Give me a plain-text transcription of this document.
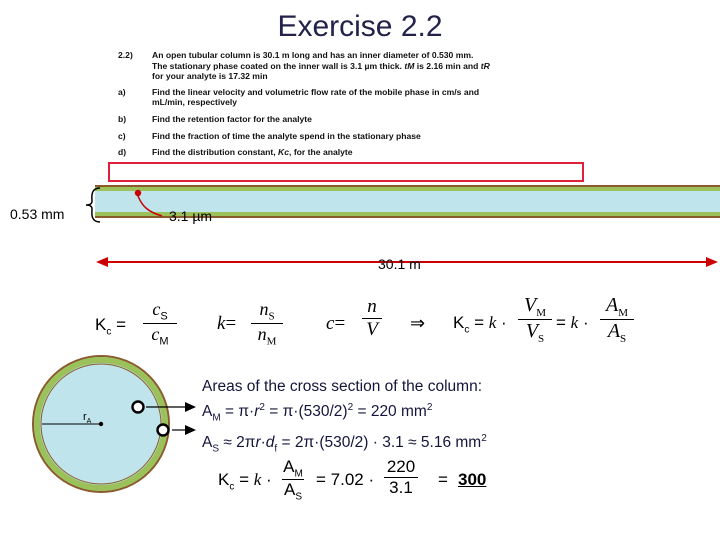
Exercise 2.2
2.2) An open tubular column is 30.1 m long and has an inner diameter of 0.530 mm.
The stationary phase coated on the inner wall is 3.1 µm thick. tM is 2.16 min and tR
for your analyte is 17.32 min
a)	Find the linear velocity and volumetric flow rate of the mobile phase in cm/s and
mL/min, respectively
b)	Find the retention factor for the analyte
c)	Find the fraction of time the analyte spend in the stationary phase
d)	Find the distribution constant, Kc, for the analyte
0.53 mm	3.1 µm
30.1 m
$r_A$
$K_c$ =
$c_S$
$c_M$
k=
$n_S$
$n_M$
c=
n
V ⇒ $K_c = k$ ·
$V_M$
$V_S$
= k ·
$A_M$
$A_S$
Areas of the cross section of the column:
$A_M = \pi\cdot r^2 = \pi\cdot(530/2)^2 = 220$ $mm^2$
$A_S \approx 2\pi r\cdot d_f = 2\pi\cdot(530/2) \cdot 3.1 \approx 5.16$ $mm^2$
$K_c = k$ ·
$A_M$
$A_S$
= 7.02 ·
220
3.1 = 300
